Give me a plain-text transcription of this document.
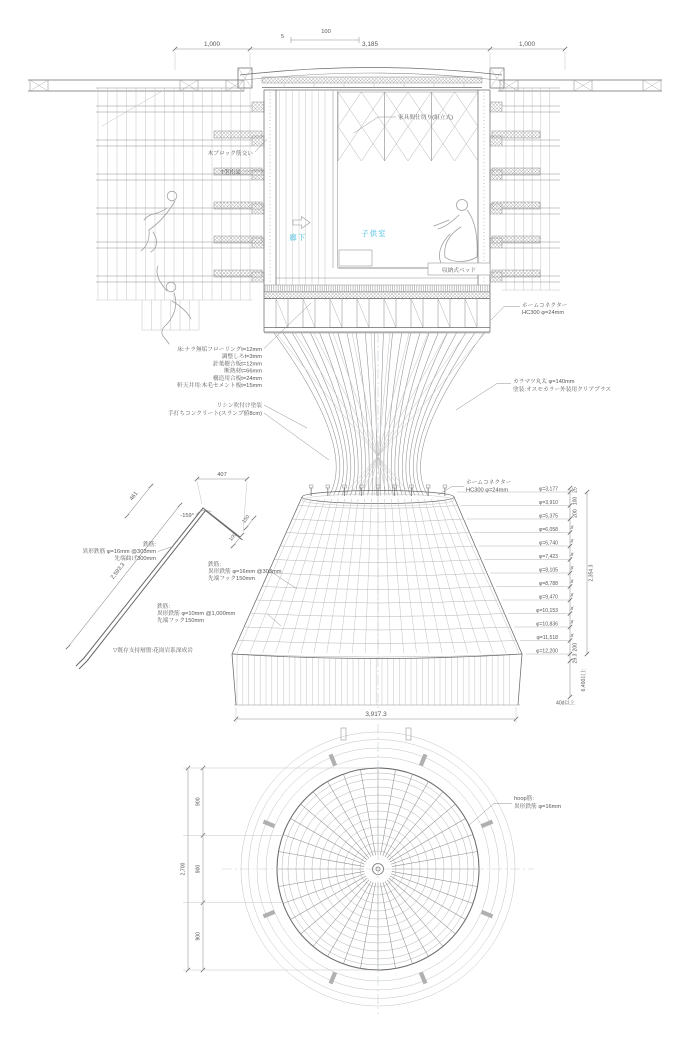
φ=3,177
φ=3,910
φ=5,375
φ=6,058
φ=6,740
φ=7,423
φ=8,105
φ=8,788
φ=9,470
φ=10,153
φ=10,836
φ=11,518
φ=12,200
≒
≒
≒
≒
≒
≒
≒
≒
≒
5
100
1,000	3,185	1,000
家具間仕切り(組立式)
木ブロック筋交い
T型桁梁
廊下	子供室
収納式ベッド
ホームコネクター
HC300 φ=24mm
床:ナラ無垢フローリングt=12mm
調整しろt=3mm
針葉樹合板t=12mm
断熱材t=66mm
構造用合板t=24mm
軒天井用:木毛セメント板t=15mm
リシン吹付け塗装
手打ちコンクリート(スランプ値8cm)
カラマツ丸太 φ=140mm
塗装:オスモカラー外装用クリアプラス
ホームコネクター
HC300 φ=24mm
鉄筋:
異形鉄筋 φ=16mm @303mm
先端曲げ300mm
鉄筋:
異形鉄筋 φ=16mm @303mm
先端フック150mm
鉄筋:
異形鉄筋 φ=10mm @1,000mm
先端フック150mm
▽既存支持層盤:花崗岩系深成岩
407
461
-159°	150
100
2,593.3
25
100
200
200
29.3
6,400以上
2,354.3
40d以上
3,917.3
2,700
900
900
900
hoop筋:
異形鉄筋 φ=16mm
